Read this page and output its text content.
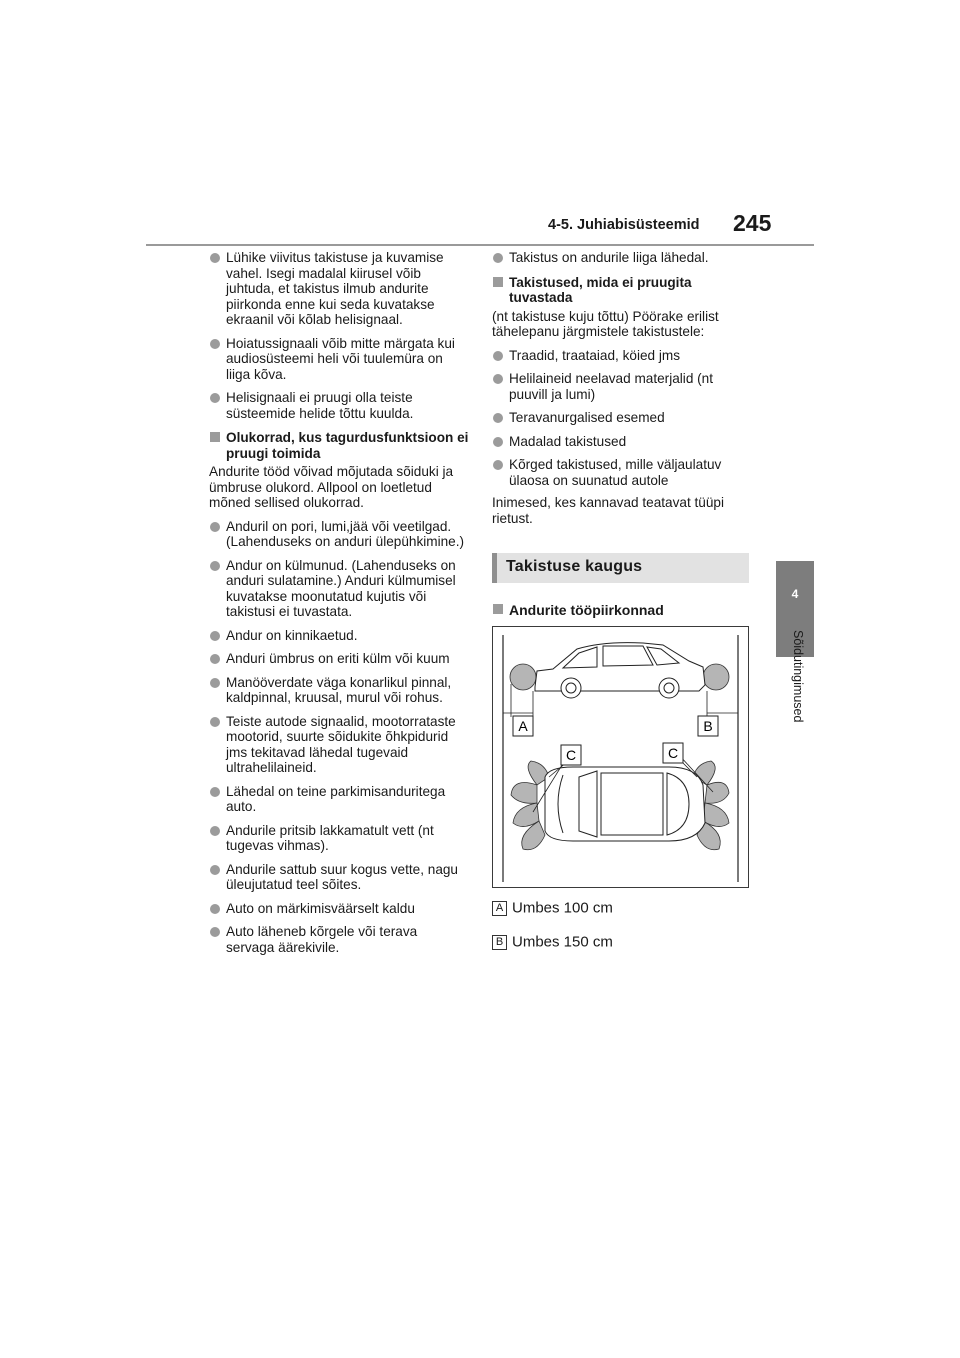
4-5. Juhiabisüsteemid 245
4
Sõidutingimused
Lühike viivitus takistuse ja kuvamise vahel. Isegi madalal kiirusel võib juhtuda, et takistus ilmub andurite piirkonda enne kui seda kuvatakse ekraanil või kõlab helisignaal.
Hoiatussignaali võib mitte märgata kui audiosüsteemi heli või tuulemüra on liiga kõva.
Helisignaali ei pruugi olla teiste süsteemide helide tõttu kuulda.
Olukorrad, kus tagurdusfunktsioon ei pruugi toimida
Andurite tööd võivad mõjutada sõiduki ja ümbruse olukord. Allpool on loetletud mõned sellised olukorrad.
Anduril on pori, lumi,jää või veetilgad. (Lahenduseks on anduri ülepühkimine.)
Andur on külmunud. (Lahenduseks on anduri sulatamine.) Anduri külmumisel kuvatakse moonutatud kujutis või takistusi ei tuvastata.
Andur on kinnikaetud.
Anduri ümbrus on eriti külm või kuum
Manööverdate väga konarlikul pinnal, kaldpinnal, kruusal, murul või rohus.
Teiste autode signaalid, mootorrataste mootorid, suurte sõidukite õhkpidurid jms tekitavad lähedal tugevaid ultrahelilaineid.
Lähedal on teine parkimisanduritega auto.
Andurile pritsib lakkamatult vett (nt tugevas vihmas).
Andurile sattub suur kogus vette, nagu üleujutatud teel sõites.
Auto on märkimisväärselt kaldu
Auto läheneb kõrgele või terava servaga äärekivile.
Takistus on andurile liiga lähedal.
Takistused, mida ei pruugita tuvastada
(nt takistuse kuju tõttu) Pöörake erilist tähelepanu järgmistele takistustele:
Traadid, traataiad, köied jms
Helilaineid neelavad materjalid (nt puuvill ja lumi)
Teravanurgalised esemed
Madalad takistused
Kõrged takistused, mille väljaulatuv ülaosa on suunatud autole
Inimesed, kes kannavad teatavat tüüpi rietust.
Takistuse kaugus
Andurite tööpiirkonnad
A	B
C	C
A Umbes 100 cm
B Umbes 150 cm
